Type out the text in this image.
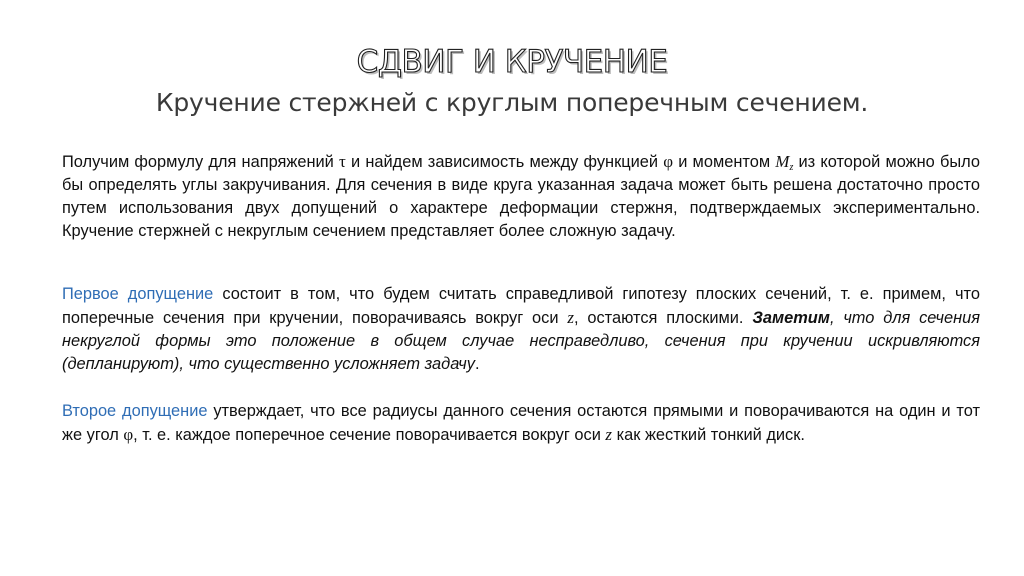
СДВИГ И КРУЧЕНИЕ
Кручение стержней с круглым поперечным сечением.

Получим формулу для напряжений τ и найдем зависимость между функцией φ и моментом $M_z$ из которой можно было бы определять углы закручивания. Для сечения в виде круга указанная задача может быть решена достаточно просто путем использования двух допущений о характере деформации стержня, подтверждаемых экспериментально. Кручение стержней с некруглым сечением представляет более сложную задачу.

Первое допущение состоит в том, что будем считать справедливой гипотезу плоских сечений, т. е. примем, что поперечные сечения при кручении, поворачиваясь вокруг оси z, остаются плоскими. Заметим, что для сечения некруглой формы это положение в общем случае несправедливо, сечения при кручении искривляются (депланируют), что существенно усложняет задачу.

Второе допущение утверждает, что все радиусы данного сечения остаются прямыми и поворачиваются на один и тот же угол φ, т. е. каждое поперечное сечение поворачивается вокруг оси z как жесткий тонкий диск.
